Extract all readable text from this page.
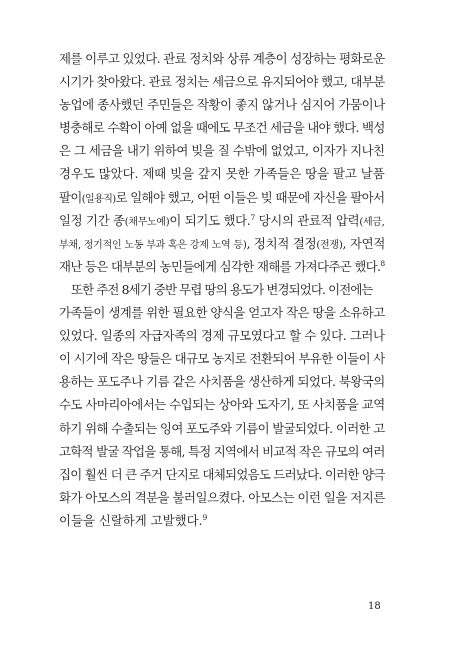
제를 이루고 있었다. 관료 정치와 상류 계층이 성장하는 평화로운
시기가 찾아왔다. 관료 정치는 세금으로 유지되어야 했고, 대부분
농업에 종사했던 주민들은 작황이 좋지 않거나 심지어 가뭄이나
병충해로 수확이 아예 없을 때에도 무조건 세금을 내야 했다. 백성
은 그 세금을 내기 위하여 빚을 질 수밖에 없었고, 이자가 지나친
경우도 많았다. 제때 빚을 갚지 못한 가족들은 땅을 팔고 날품
팔이(일용직)로 일해야 했고, 어떤 이들은 빚 때문에 자신을 팔아서
일정 기간 종(채무노예)이 되기도 했다.$^7$ 당시의 관료적 압력(세금,
부채, 정기적인 노동 부과 혹은 강제 노역 등), 정치적 결정(전쟁), 자연적
재난 등은 대부분의 농민들에게 심각한 재해를 가져다주곤 했다.$^8$
또한 주전 8세기 중반 무렵 땅의 용도가 변경되었다. 이전에는
가족들이 생계를 위한 필요한 양식을 얻고자 작은 땅을 소유하고
있었다. 일종의 자급자족의 경제 규모였다고 할 수 있다. 그러나
이 시기에 작은 땅들은 대규모 농지로 전환되어 부유한 이들이 사
용하는 포도주나 기름 같은 사치품을 생산하게 되었다. 북왕국의
수도 사마리아에서는 수입되는 상아와 도자기, 또 사치품을 교역
하기 위해 수출되는 잉여 포도주와 기름이 발굴되었다. 이러한 고
고학적 발굴 작업을 통해, 특정 지역에서 비교적 작은 규모의 여러
집이 훨씬 더 큰 주거 단지로 대체되었음도 드러났다. 이러한 양극
화가 아모스의 격분을 불러일으켰다. 아모스는 이런 일을 저지른
이들을 신랄하게 고발했다.$^9$
18
